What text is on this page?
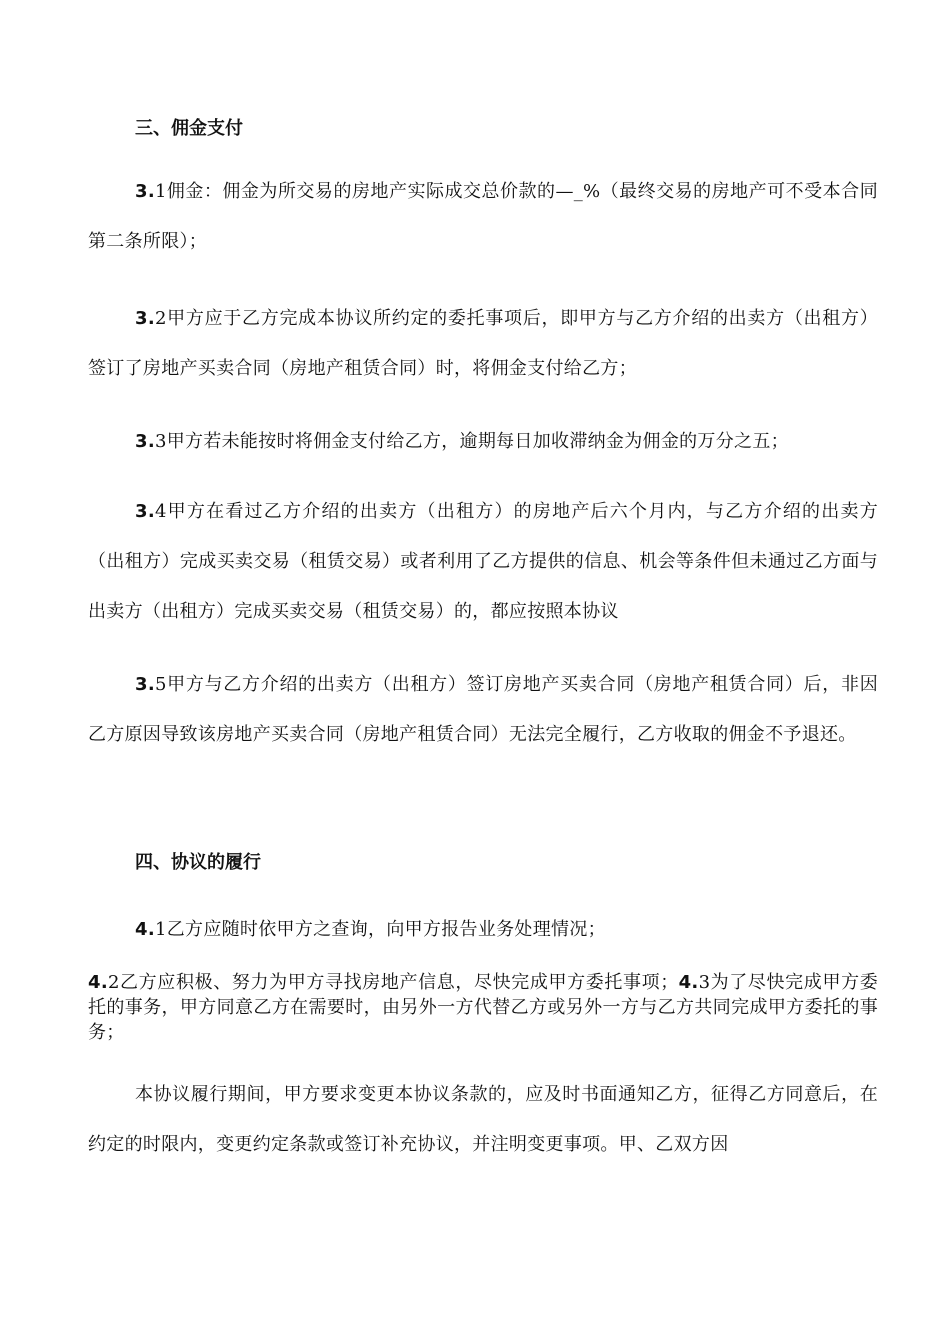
三、佣金支付

3.1佣金：佣金为所交易的房地产实际成交总价款的—_%（最终交易的房地产可不受本合同第二条所限）；

3.2甲方应于乙方完成本协议所约定的委托事项后，即甲方与乙方介绍的出卖方（出租方）签订了房地产买卖合同（房地产租赁合同）时，将佣金支付给乙方；

3.3甲方若未能按时将佣金支付给乙方，逾期每日加收滞纳金为佣金的万分之五；

3.4甲方在看过乙方介绍的出卖方（出租方）的房地产后六个月内，与乙方介绍的出卖方（出租方）完成买卖交易（租赁交易）或者利用了乙方提供的信息、机会等条件但未通过乙方面与出卖方（出租方）完成买卖交易（租赁交易）的，都应按照本协议

3.5甲方与乙方介绍的出卖方（出租方）签订房地产买卖合同（房地产租赁合同）后，非因乙方原因导致该房地产买卖合同（房地产租赁合同）无法完全履行，乙方收取的佣金不予退还。

四、协议的履行

4.1乙方应随时依甲方之查询，向甲方报告业务处理情况；

4.2乙方应积极、努力为甲方寻找房地产信息，尽快完成甲方委托事项；4.3为了尽快完成甲方委托的事务，甲方同意乙方在需要时，由另外一方代替乙方或另外一方与乙方共同完成甲方委托的事务；

本协议履行期间，甲方要求变更本协议条款的，应及时书面通知乙方，征得乙方同意后，在约定的时限内，变更约定条款或签订补充协议，并注明变更事项。甲、乙双方因
